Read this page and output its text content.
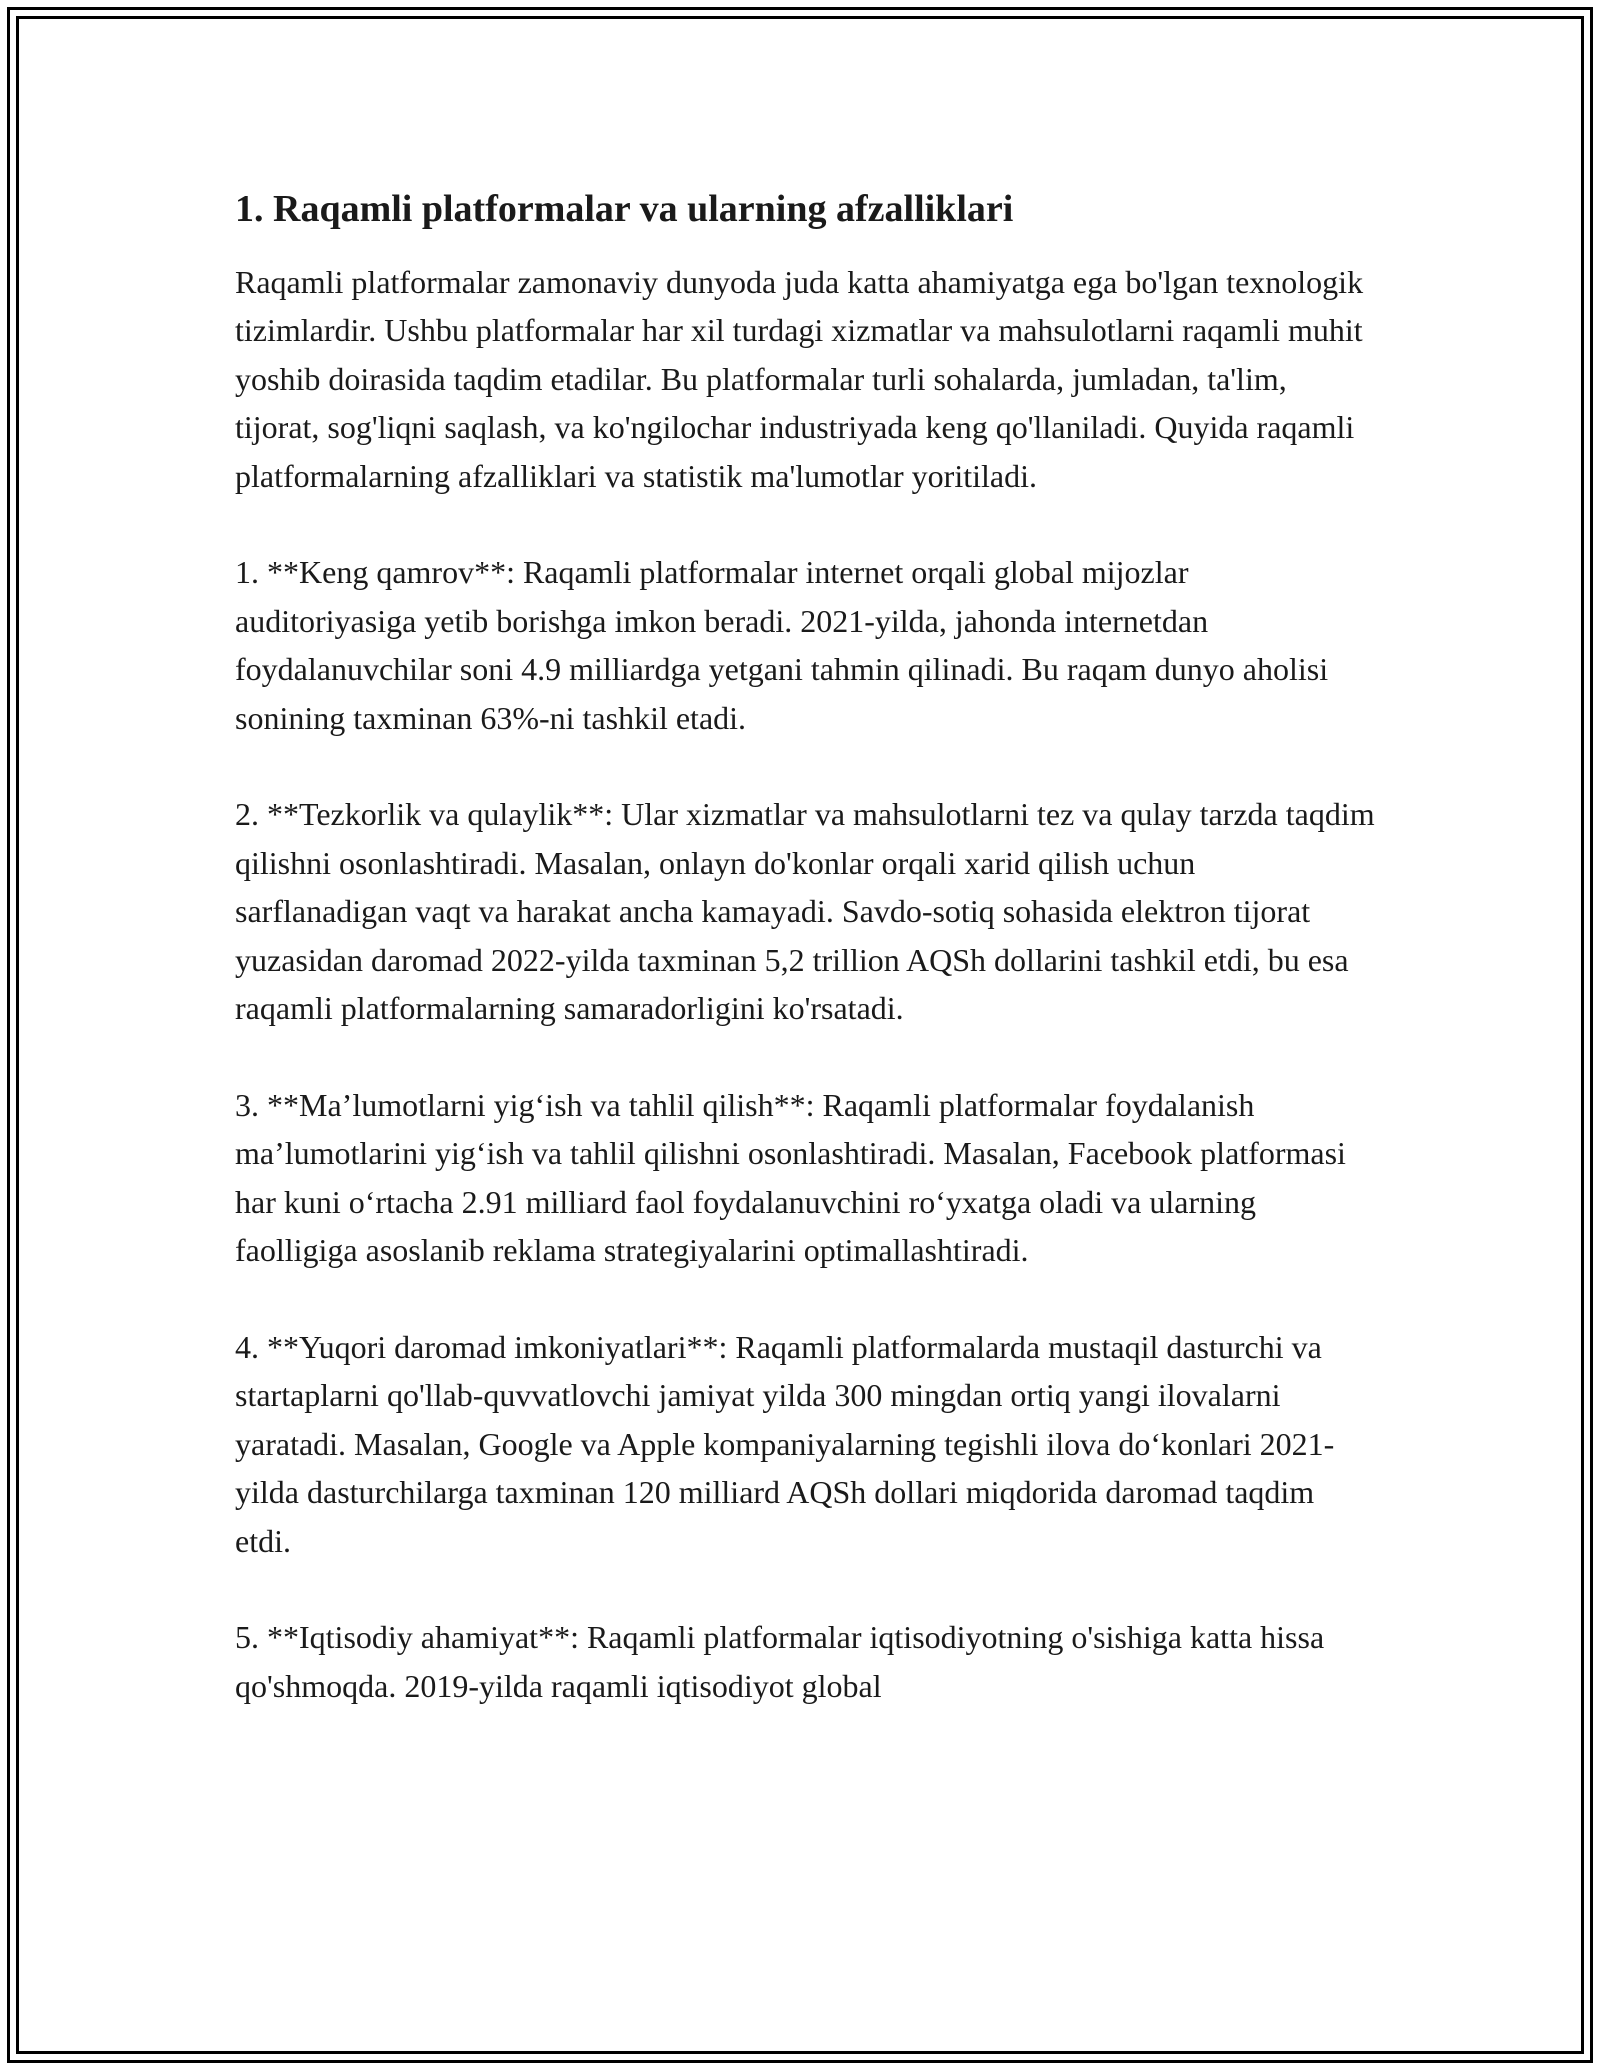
1. Raqamli platformalar va ularning afzalliklari

Raqamli platformalar zamonaviy dunyoda juda katta ahamiyatga ega bo'lgan texnologik tizimlardir. Ushbu platformalar har xil turdagi xizmatlar va mahsulotlarni raqamli muhit yoshib doirasida taqdim etadilar. Bu platformalar turli sohalarda, jumladan, ta'lim, tijorat, sog'liqni saqlash, va ko'ngilochar industriyada keng qo'llaniladi. Quyida raqamli platformalarning afzalliklari va statistik ma'lumotlar yoritiladi.

1. **Keng qamrov**: Raqamli platformalar internet orqali global mijozlar auditoriyasiga yetib borishga imkon beradi. 2021-yilda, jahonda internetdan foydalanuvchilar soni 4.9 milliardga yetgani tahmin qilinadi. Bu raqam dunyo aholisi sonining taxminan 63%-ni tashkil etadi.

2. **Tezkorlik va qulaylik**: Ular xizmatlar va mahsulotlarni tez va qulay tarzda taqdim qilishni osonlashtiradi. Masalan, onlayn do'konlar orqali xarid qilish uchun sarflanadigan vaqt va harakat ancha kamayadi. Savdo-sotiq sohasida elektron tijorat yuzasidan daromad 2022-yilda taxminan 5,2 trillion AQSh dollarini tashkil etdi, bu esa raqamli platformalarning samaradorligini ko'rsatadi.

3. **Ma’lumotlarni yig‘ish va tahlil qilish**: Raqamli platformalar foydalanish ma’lumotlarini yig‘ish va tahlil qilishni osonlashtiradi. Masalan, Facebook platformasi har kuni o‘rtacha 2.91 milliard faol foydalanuvchini ro‘yxatga oladi va ularning faolligiga asoslanib reklama strategiyalarini optimallashtiradi.

4. **Yuqori daromad imkoniyatlari**: Raqamli platformalarda mustaqil dasturchi va startaplarni qo'llab-quvvatlovchi jamiyat yilda 300 mingdan ortiq yangi ilovalarni yaratadi. Masalan, Google va Apple kompaniyalarning tegishli ilova do‘konlari 2021-yilda dasturchilarga taxminan 120 milliard AQSh dollari miqdorida daromad taqdim etdi.

5. **Iqtisodiy ahamiyat**: Raqamli platformalar iqtisodiyotning o'sishiga katta hissa qo'shmoqda. 2019-yilda raqamli iqtisodiyot global
